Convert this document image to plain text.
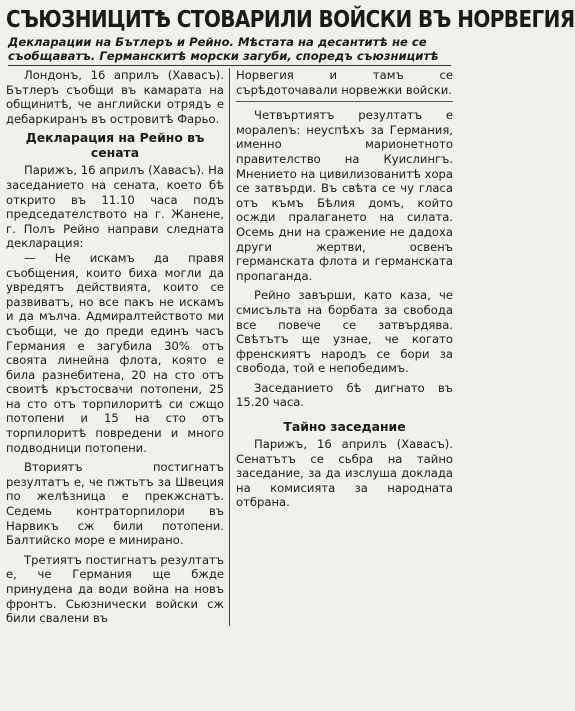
СЪЮЗНИЦИТѢ СТОВАРИЛИ ВОЙСКИ ВЪ НОРВЕГИЯ
Декларации на Бътлеръ и Рейно. Мѣстата на десантитѣ не се съобщаватъ. Германскитѣ морски загуби, споредъ съюзницитѣ

Лондонъ, 16 априлъ (Хавасъ). Бътлеръ съобщи въ камарата на общинитѣ, че английски отрядъ е дебаркиранъ въ островитѣ Фарьо.

Декларация на Рейно въ сената

Парижъ, 16 априлъ (Хавасъ). На заседанието на сената, което бѣ открито въ 11.10 часа подъ председателството на г. Жанене, г. Полъ Рейно направи следната декларация:

— Не искамъ да правя съобщения, които биха могли да увредятъ действията, които се развиватъ, но все пакъ не искамъ и да мълча. Адмиралтейството ми съобщи, че до преди единъ часъ Германия е загубила 30% отъ своята линейна флота, която е била разнебитена, 20 на сто отъ своитѣ кръстосвачи потопени, 25 на сто отъ торпилоритѣ си сжщо потопени и 15 на сто отъ торпилоритѣ повредени и много подводници потопени.

Вториятъ постигнатъ резултатъ е, че пжтьтъ за Швеция по желѣзница е прекжснатъ. Седемь контраторпилори въ Нарвикъ сж били потопени. Балтийско море е минирано.

Третиятъ постигнатъ резултатъ е, че Германия ще бжде принудена да води война на новъ фронтъ. Сьюзнически войски сж били свалени въ

Норвегия и тамъ се сърѣдоточавали норвежки войски.

Четвъртиятъ резултатъ е моралenъ: неуспѣхъ за Германия, именно марионетното правителство на Куислингъ. Мнението на цивилизованитѣ хора се затвърди. Въ свѣта се чу гласа отъ къмъ Бѣлия домъ, който осжди пралагането на силата. Осемь дни на сражение не дадоха други жертви, освенъ германската флота и германската пропаганда.

Рейно завърши, като каза, че смисъльта на борбата за свобода все повече се затвърдява. Свѣтътъ ще узнае, че когато френскиятъ народъ се бори за свобода, той е непобедимъ.

Заседанието бѣ дигнато въ 15.20 часа.

Тайно заседание

Парижъ, 16 априлъ (Хавасъ). Сенатътъ се сьбра на тайно заседание, за да изслуша доклада на комисията за народната отбрана.
